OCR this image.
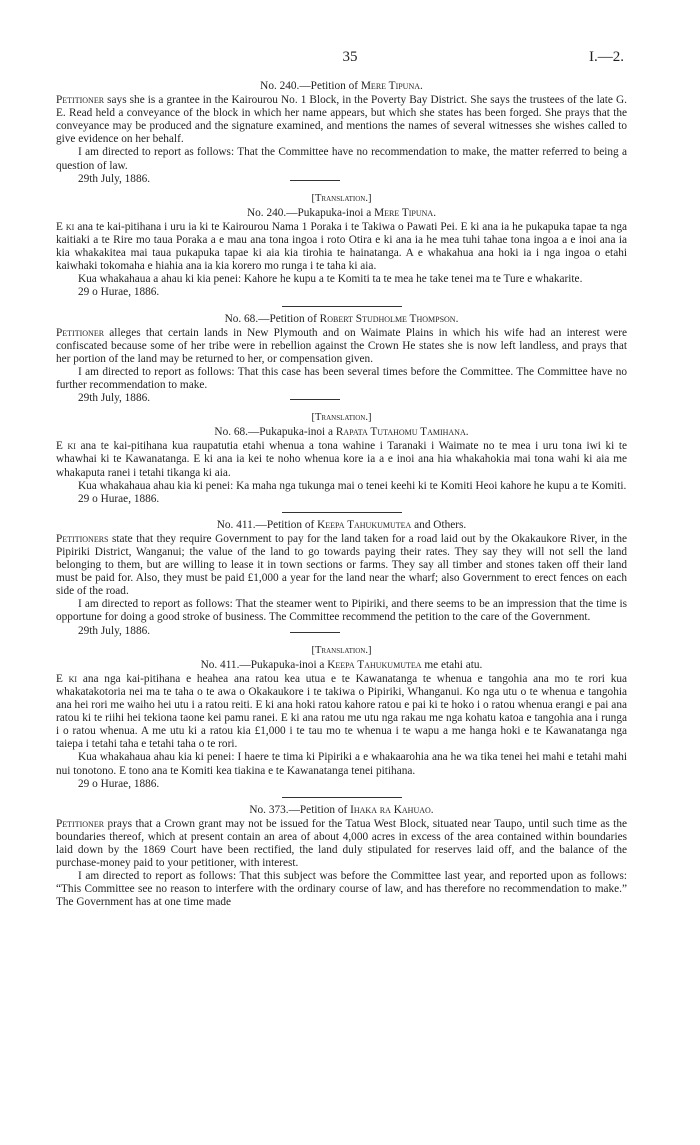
35	I.—2.
No. 240.—Petition of Mere Tipuna.

Petitioner says she is a grantee in the Kairourou No. 1 Block, in the Poverty Bay District. She says the trustees of the late G. E. Read held a conveyance of the block in which her name appears, but which she states has been forged. She prays that the conveyance may be produced and the signature examined, and mentions the names of several witnesses she wishes called to give evidence on her behalf.

I am directed to report as follows: That the Committee have no recommendation to make, the matter referred to being a question of law.

29th July, 1886.
[Translation.]
No. 240.—Pukapuka-inoi a Mere Tipuna.

E ki ana te kai-pitihana i uru ia ki te Kairourou Nama 1 Poraka i te Takiwa o Pawati Pei. E ki ana ia he pukapuka tapae ta nga kaitiaki a te Rire mo taua Poraka a e mau ana tona ingoa i roto Otira e ki ana ia he mea tuhi tahae tona ingoa a e inoi ana ia kia whakakitea mai taua pukapuka tapae ki aia kia tirohia te hainatanga. A e whakahua ana hoki ia i nga ingoa o etahi kaiwhaki tokomaha e hiahia ana ia kia korero mo runga i te taha ki aia.

Kua whakahaua a ahau ki kia penei: Kahore he kupu a te Komiti ta te mea he take tenei ma te Ture e whakarite.

29 o Hurae, 1886.
No. 68.—Petition of Robert Studholme Thompson.

Petitioner alleges that certain lands in New Plymouth and on Waimate Plains in which his wife had an interest were confiscated because some of her tribe were in rebellion against the Crown He states she is now left landless, and prays that her portion of the land may be returned to her, or compensation given.

I am directed to report as follows: That this case has been several times before the Committee. The Committee have no further recommendation to make.

29th July, 1886.
[Translation.]
No. 68.—Pukapuka-inoi a Rapata Tutahomu Tamihana.

E ki ana te kai-pitihana kua raupatutia etahi whenua a tona wahine i Taranaki i Waimate no te mea i uru tona iwi ki te whawhai ki te Kawanatanga. E ki ana ia kei te noho whenua kore ia a e inoi ana hia whakahokia mai tona wahi ki aia me whakaputa ranei i tetahi tikanga ki aia.

Kua whakahaua ahau kia ki penei: Ka maha nga tukunga mai o tenei keehi ki te Komiti Heoi kahore he kupu a te Komiti.

29 o Hurae, 1886.
No. 411.—Petition of Keepa Tahukumutea and Others.

Petitioners state that they require Government to pay for the land taken for a road laid out by the Okakaukore River, in the Pipiriki District, Wanganui; the value of the land to go towards paying their rates. They say they will not sell the land belonging to them, but are willing to lease it in town sections or farms. They say all timber and stones taken off their land must be paid for. Also, they must be paid £1,000 a year for the land near the wharf; also Government to erect fences on each side of the road.

I am directed to report as follows: That the steamer went to Pipiriki, and there seems to be an impression that the time is opportune for doing a good stroke of business. The Committee recommend the petition to the care of the Government.

29th July, 1886.
[Translation.]
No. 411.—Pukapuka-inoi a Keepa Tahukumutea me etahi atu.

E ki ana nga kai-pitihana e heahea ana ratou kea utua e te Kawanatanga te whenua e tangohia ana mo te rori kua whakatakotoria nei ma te taha o te awa o Okakaukore i te takiwa o Pipiriki, Whanganui. Ko nga utu o te whenua e tangohia ana hei rori me waiho hei utu i a ratou reiti. E ki ana hoki ratou kahore ratou e pai ki te hoko i o ratou whenua erangi e pai ana ratou ki te riihi hei tekiona taone kei pamu ranei. E ki ana ratou me utu nga rakau me nga kohatu katoa e tangohia ana i runga i o ratou whenua. A me utu ki a ratou kia £1,000 i te tau mo te whenua i te wapu a me hanga hoki e te Kawanatanga nga taiepa i tetahi taha e tetahi taha o te rori.

Kua whakahaua ahau kia ki penei: I haere te tima ki Pipiriki a e whakaarohia ana he wa tika tenei hei mahi e tetahi mahi nui tonotono. E tono ana te Komiti kea tiakina e te Kawanatanga tenei pitihana.

29 o Hurae, 1886.
No. 373.—Petition of Ihaka ra Kahuao.

Petitioner prays that a Crown grant may not be issued for the Tatua West Block, situated near Taupo, until such time as the boundaries thereof, which at present contain an area of about 4,000 acres in excess of the area contained within boundaries laid down by the 1869 Court have been rectified, the land duly stipulated for reserves laid off, and the balance of the purchase-money paid to your petitioner, with interest.

I am directed to report as follows: That this subject was before the Committee last year, and reported upon as follows: “This Committee see no reason to interfere with the ordinary course of law, and has therefore no recommendation to make.” The Government has at one time made
